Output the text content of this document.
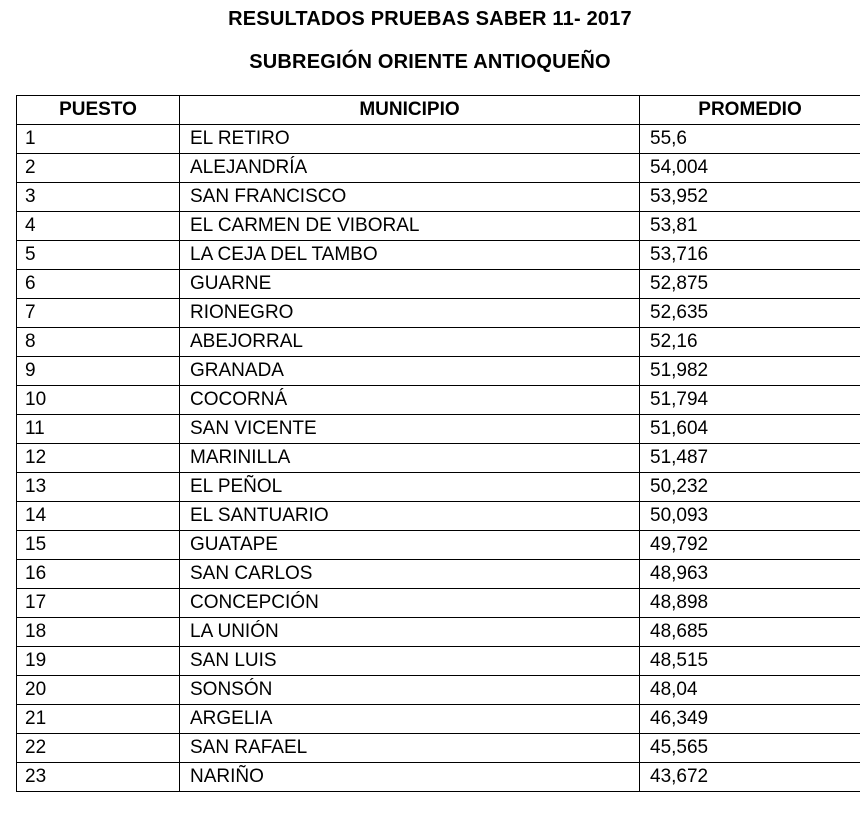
RESULTADOS PRUEBAS SABER 11- 2017
SUBREGIÓN ORIENTE ANTIOQUEÑO
PUESTO	MUNICIPIO	PROMEDIO
1	EL RETIRO	55,6
2	ALEJANDRÍA	54,004
3	SAN FRANCISCO	53,952
4	EL CARMEN DE VIBORAL	53,81
5	LA CEJA DEL TAMBO	53,716
6	GUARNE	52,875
7	RIONEGRO	52,635
8	ABEJORRAL	52,16
9	GRANADA	51,982
10	COCORNÁ	51,794
11	SAN VICENTE	51,604
12	MARINILLA	51,487
13	EL PEÑOL	50,232
14	EL SANTUARIO	50,093
15	GUATAPE	49,792
16	SAN CARLOS	48,963
17	CONCEPCIÓN	48,898
18	LA UNIÓN	48,685
19	SAN LUIS	48,515
20	SONSÓN	48,04
21	ARGELIA	46,349
22	SAN RAFAEL	45,565
23	NARIÑO	43,672
